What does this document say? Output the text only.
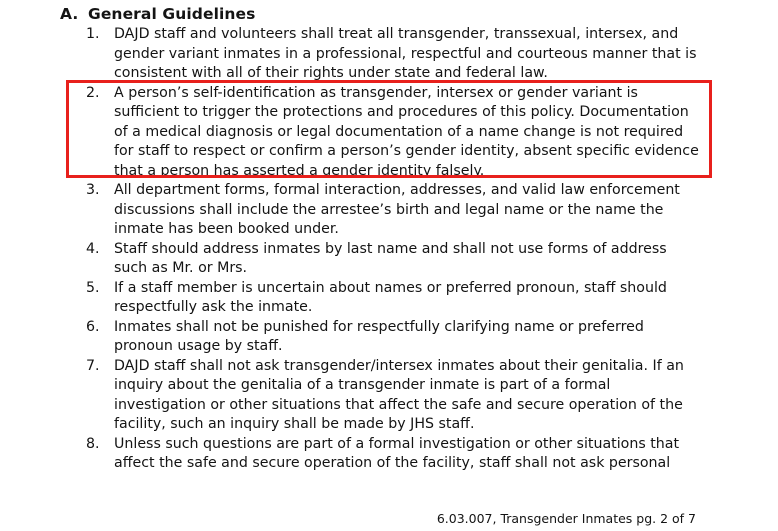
A. General Guidelines
1. DAJD staff and volunteers shall treat all transgender, transsexual, intersex, and gender variant inmates in a professional, respectful and courteous manner that is consistent with all of their rights under state and federal law.
2. A person’s self-identification as transgender, intersex or gender variant is sufficient to trigger the protections and procedures of this policy. Documentation of a medical diagnosis or legal documentation of a name change is not required for staff to respect or confirm a person’s gender identity, absent specific evidence that a person has asserted a gender identity falsely.
3. All department forms, formal interaction, addresses, and valid law enforcement discussions shall include the arrestee’s birth and legal name or the name the inmate has been booked under.
4. Staff should address inmates by last name and shall not use forms of address such as Mr. or Mrs.
5. If a staff member is uncertain about names or preferred pronoun, staff should respectfully ask the inmate.
6. Inmates shall not be punished for respectfully clarifying name or preferred pronoun usage by staff.
7. DAJD staff shall not ask transgender/intersex inmates about their genitalia. If an inquiry about the genitalia of a transgender inmate is part of a formal investigation or other situations that affect the safe and secure operation of the facility, such an inquiry shall be made by JHS staff.
8. Unless such questions are part of a formal investigation or other situations that affect the safe and secure operation of the facility, staff shall not ask personal
6.03.007, Transgender Inmates pg. 2 of 7
